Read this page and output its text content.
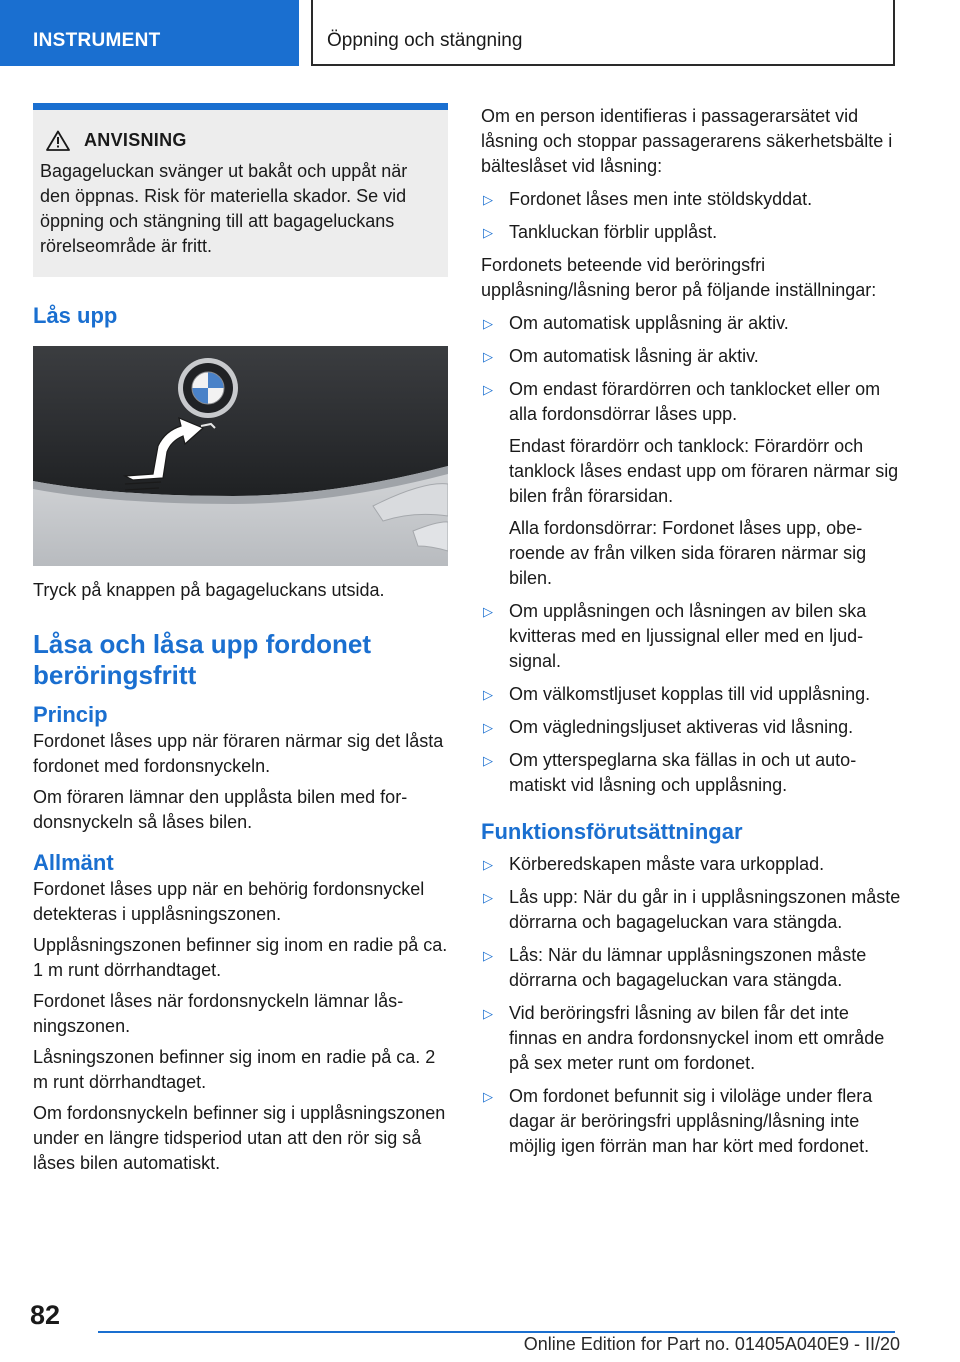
INSTRUMENT	Öppning och stängning
ANVISNING

Bagageluckan svänger ut bakåt och uppåt när den öppnas. Risk för materiella skador. Se vid öppning och stängning till att bagageluckans rörelseområde är fritt.

Lås upp

Tryck på knappen på bagageluckans utsida.

Låsa och låsa upp fordonet beröringsfritt
Princip

Fordonet låses upp när föraren närmar sig det låsta fordonet med fordonsnyckeln.

Om föraren lämnar den upplåsta bilen med fordonsnyckeln så låses bilen.

Allmänt

Fordonet låses upp när en behörig fordonsnyckel detekteras i upplåsningszonen.

Upplåsningszonen befinner sig inom en radie på ca. 1 m runt dörrhandtaget.

Fordonet låses när fordonsnyckeln lämnar låsningszonen.

Låsningszonen befinner sig inom en radie på ca. 2 m runt dörrhandtaget.

Om fordonsnyckeln befinner sig i upplåsningszonen under en längre tidsperiod utan att den rör sig så låses bilen automatiskt.

Om en person identifieras i passagerarsätet vid låsning och stoppar passagerarens säkerhetsbälte i bälteslåset vid låsning:

▷ Fordonet låses men inte stöldskyddat.
▷ Tankluckan förblir upplåst.

Fordonets beteende vid beröringsfri upplåsning/låsning beror på följande inställningar:

▷ Om automatisk upplåsning är aktiv.
▷ Om automatisk låsning är aktiv.
▷ Om endast förardörren och tanklocket eller om alla fordonsdörrar låses upp.

Endast förardörr och tanklock: Förardörr och tanklock låses endast upp om föraren närmar sig bilen från förarsidan.

Alla fordonsdörrar: Fordonet låses upp, oberoende av från vilken sida föraren närmar sig bilen.

▷ Om upplåsningen och låsningen av bilen ska kvitteras med en ljussignal eller med en ljudsignal.
▷ Om välkomstljuset kopplas till vid upplåsning.
▷ Om vägledningsljuset aktiveras vid låsning.
▷ Om ytterspeglarna ska fällas in och ut automatiskt vid låsning och upplåsning.
Funktionsförutsättningar
▷ Körberedskapen måste vara urkopplad.
▷ Lås upp: När du går in i upplåsningszonen måste dörrarna och bagageluckan vara stängda.
▷ Lås: När du lämnar upplåsningszonen måste dörrarna och bagageluckan vara stängda.
▷ Vid beröringsfri låsning av bilen får det inte finnas en andra fordonsnyckel inom ett område på sex meter runt om fordonet.
▷ Om fordonet befunnit sig i viloläge under flera dagar är beröringsfri upplåsning/låsning inte möjlig igen förrän man har kört med fordonet.
82
Online Edition for Part no. 01405A040E9 - II/20
